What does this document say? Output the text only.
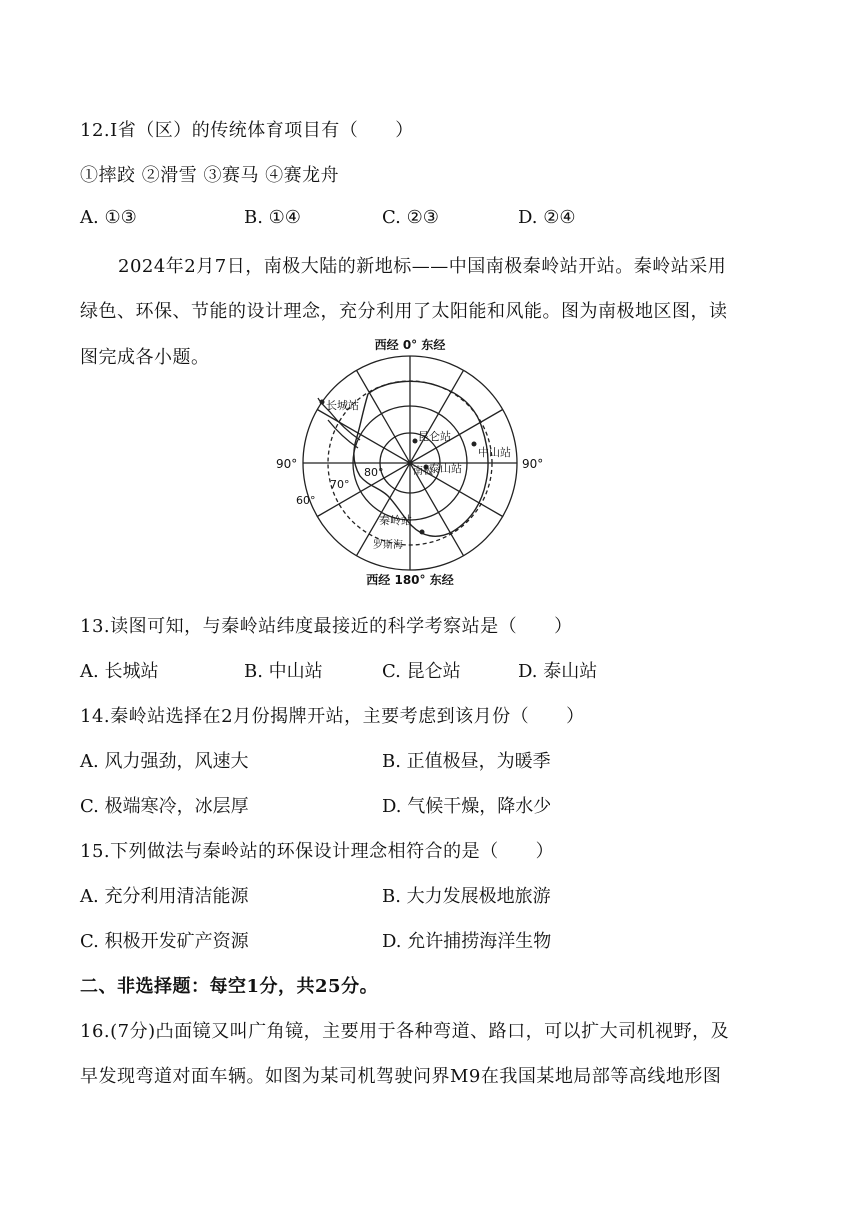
12.Ⅰ省（区）的传统体育项目有（　　）
①摔跤 ②滑雪 ③赛马 ④赛龙舟
A. ①③	B. ①④	C. ②③	D. ②④
2024年2月7日，南极大陆的新地标——中国南极秦岭站开站。秦岭站采用
绿色、环保、节能的设计理念，充分利用了太阳能和风能。图为南极地区图，读
图完成各小题。
西经 0° 东经
西经 180° 东经
90°	90°
60°
70°
80°	南极
长城站
昆仑站
中山站
泰山站
秦岭站
罗斯海
13.读图可知，与秦岭站纬度最接近的科学考察站是（　　）
A. 长城站	B. 中山站	C. 昆仑站	D. 泰山站
14.秦岭站选择在2月份揭牌开站，主要考虑到该月份（　　）
A. 风力强劲，风速大	B. 正值极昼，为暖季
C. 极端寒冷，冰层厚	D. 气候干燥，降水少
15.下列做法与秦岭站的环保设计理念相符合的是（　　）
A. 充分利用清洁能源	B. 大力发展极地旅游
C. 积极开发矿产资源	D. 允许捕捞海洋生物
二、非选择题：每空1分，共25分。
16.(7分)凸面镜又叫广角镜，主要用于各种弯道、路口，可以扩大司机视野，及
早发现弯道对面车辆。如图为某司机驾驶问界M9在我国某地局部等高线地形图
